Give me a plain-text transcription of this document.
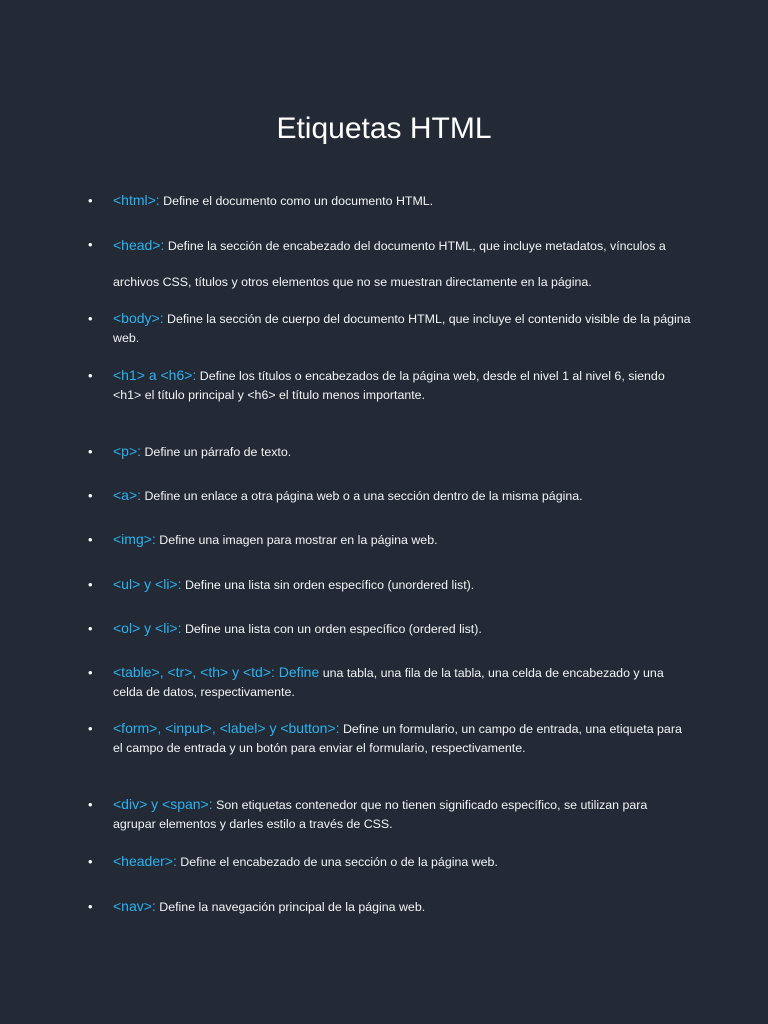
Etiquetas HTML
• <html>: Define el documento como un documento HTML.
• <head>: Define la sección de encabezado del documento HTML, que incluye metadatos, vínculos a archivos CSS, títulos y otros elementos que no se muestran directamente en la página.
• <body>: Define la sección de cuerpo del documento HTML, que incluye el contenido visible de la página web.
• <h1> a <h6>: Define los títulos o encabezados de la página web, desde el nivel 1 al nivel 6, siendo <h1> el título principal y <h6> el título menos importante.
• <p>: Define un párrafo de texto.
• <a>: Define un enlace a otra página web o a una sección dentro de la misma página.
• <img>: Define una imagen para mostrar en la página web.
• <ul> y <li>: Define una lista sin orden específico (unordered list).
• <ol> y <li>: Define una lista con un orden específico (ordered list).
• <table>, <tr>, <th> y <td>: Define una tabla, una fila de la tabla, una celda de encabezado y una celda de datos, respectivamente.
• <form>, <input>, <label> y <button>: Define un formulario, un campo de entrada, una etiqueta para el campo de entrada y un botón para enviar el formulario, respectivamente.
• <div> y <span>: Son etiquetas contenedor que no tienen significado específico, se utilizan para agrupar elementos y darles estilo a través de CSS.
• <header>: Define el encabezado de una sección o de la página web.
• <nav>: Define la navegación principal de la página web.
